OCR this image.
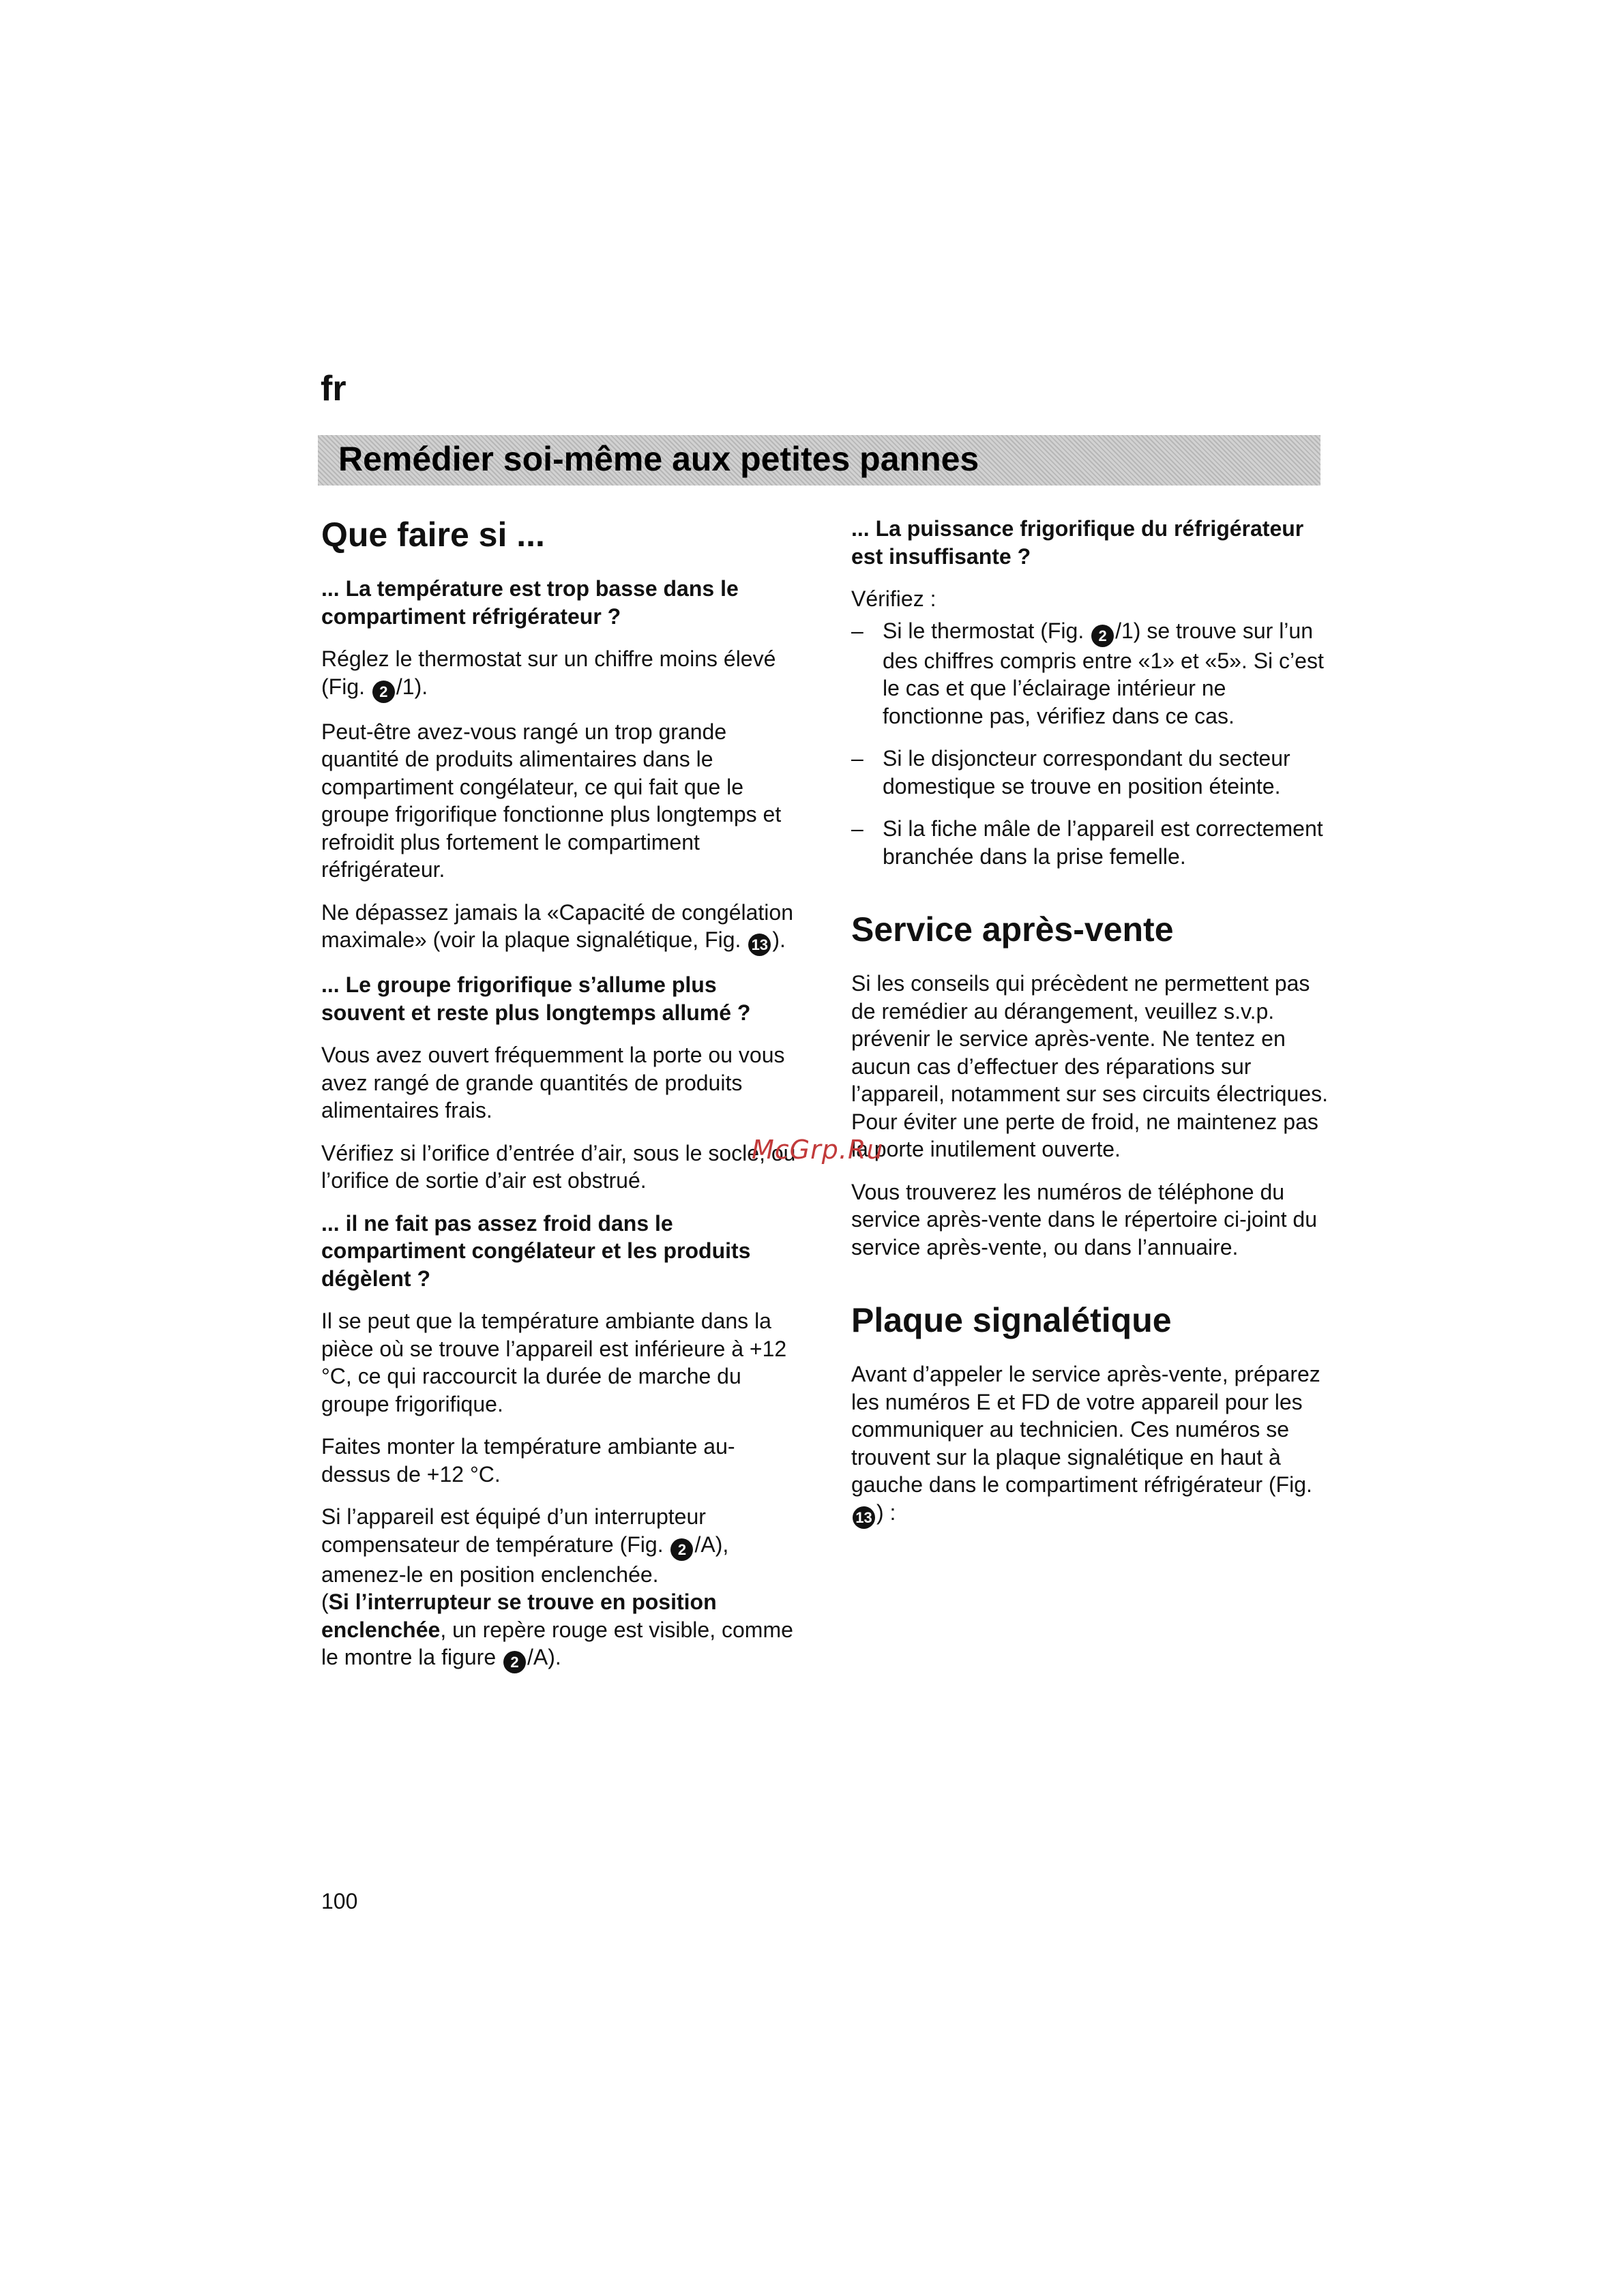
fr
Remédier soi-même aux petites pannes
Que faire si ...

... La température est trop basse dans le compartiment réfrigérateur ?

Réglez le thermostat sur un chiffre moins élevé (Fig. 2 /1).

Peut-être avez-vous rangé un trop grande quantité de produits alimentaires dans le compartiment congélateur, ce qui fait que le groupe frigorifique fonctionne plus longtemps et refroidit plus fortement le compartiment réfrigérateur.

Ne dépassez jamais la «Capacité de congélation maximale» (voir la plaque signalétique, Fig. 13 ).

... Le groupe frigorifique s’allume plus souvent et reste plus longtemps allumé ?

Vous avez ouvert fréquemment la porte ou vous avez rangé de grande quantités de produits alimentaires frais.

Vérifiez si l’orifice d’entrée d’air, sous le socle, ou l’orifice de sortie d’air est obstrué.

... il ne fait pas assez froid dans le compartiment congélateur et les produits dégèlent ?

Il se peut que la température ambiante dans la pièce où se trouve l’appareil est inférieure à +12 °C, ce qui raccourcit la durée de marche du groupe frigorifique.

Faites monter la température ambiante au-dessus de +12 °C.

Si l’appareil est équipé d’un interrupteur compensateur de température (Fig. 2 /A), amenez-le en position enclenchée.
(Si l’interrupteur se trouve en position enclenchée, un repère rouge est visible, comme le montre la figure 2 /A).

... La puissance frigorifique du réfrigérateur est insuffisante ?

Vérifiez :

– Si le thermostat (Fig. 2 /1) se trouve sur l’un des chiffres compris entre «1» et «5». Si c’est le cas et que l’éclairage intérieur ne fonctionne pas, vérifiez dans ce cas.
– Si le disjoncteur correspondant du secteur domestique se trouve en position éteinte.
– Si la fiche mâle de l’appareil est correctement branchée dans la prise femelle.
Service après-vente

Si les conseils qui précèdent ne permettent pas de remédier au dérangement, veuillez s.v.p. prévenir le service après-vente. Ne tentez en aucun cas d’effectuer des réparations sur l’appareil, notamment sur ses circuits électriques. Pour éviter une perte de froid, ne maintenez pas la porte inutilement ouverte.

Vous trouverez les numéros de téléphone du service après-vente dans le répertoire ci-joint du service après-vente, ou dans l’annuaire.

Plaque signalétique

Avant d’appeler le service après-vente, préparez les numéros E et FD de votre appareil pour les communiquer au technicien. Ces numéros se trouvent sur la plaque signalétique en haut à gauche dans le compartiment réfrigérateur (Fig. 13 ) :

McGrp.Ru
100
